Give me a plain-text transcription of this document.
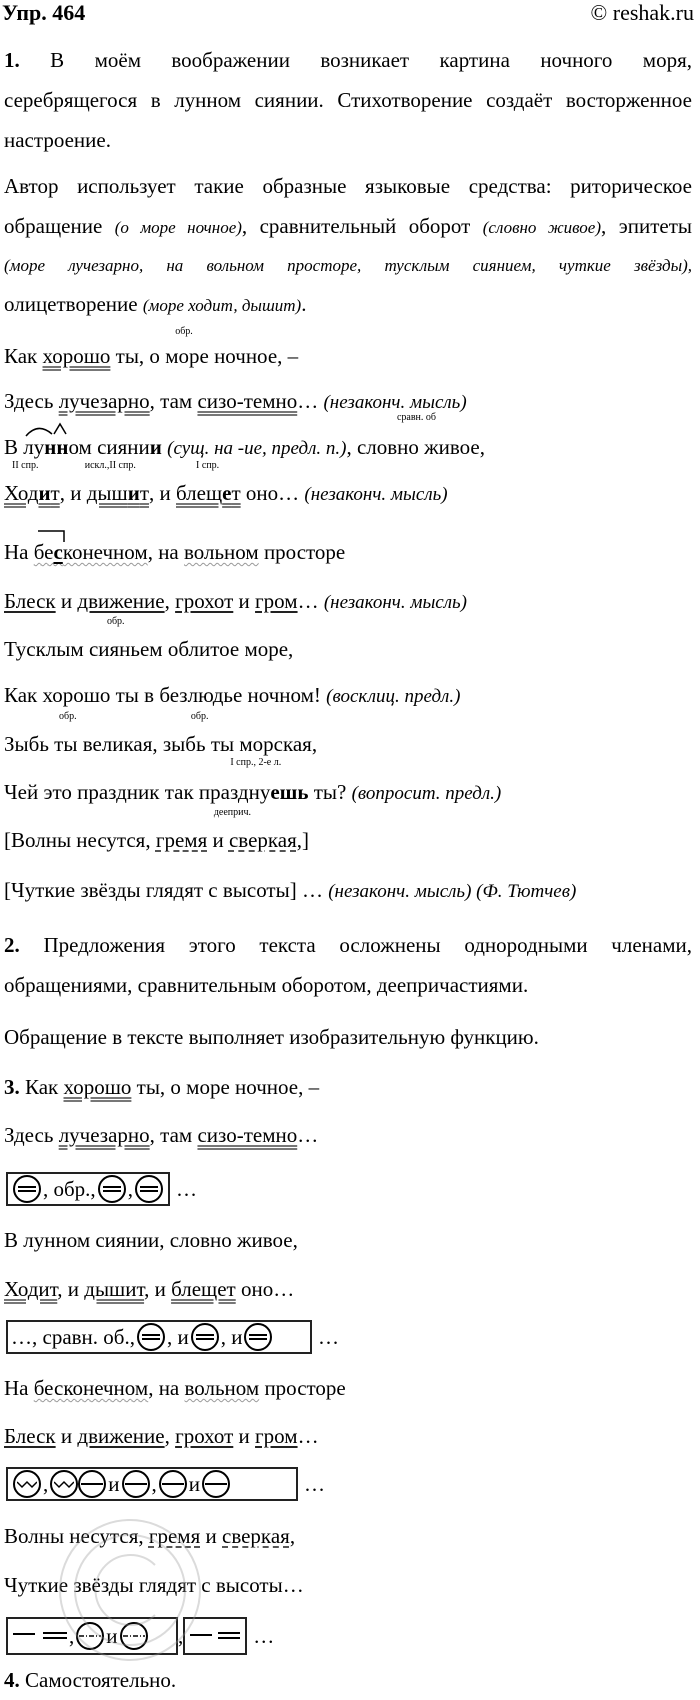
Упр. 464	© reshak.ru
1. В моём воображении возникает картина ночного моря,
серебрящегося в лунном сиянии. Стихотворение создаёт восторженное
настроение.
Автор использует такие образные языковые средства: риторическое
обращение (о море ночное), сравнительный оборот (словно живое), эпитеты
(море лучезарно, на вольном просторе, тусклым сиянием, чуткие звёзды),
олицетворение (море ходит, дышит).
Как хорошо ты, о море
обр.
ночное, –
Здесь лучезарно, там сизо-темно… (незаконч. мысль)
В лунном сиянии (сущ. на -ие, предл. п.), словно живое
сравн. об
,
Ходит
II спр.
, и дышит
искл.,II спр.
, и блещет
I спр.
оно… (незаконч. мысль)
На бесконечном, на вольном просторе
Блеск и движение, грохот и гром… (незаконч. мысль)
Тусклым сияньем
обр.
облитое море,
Как хорошо ты в безлюдье ночном! (восклиц. предл.)
Зыбь
обр.
ты великая, зыбь
обр.
ты морская,
Чей это праздник так празднуешь
I спр., 2-е л.
ты? (вопросит. предл.)
[Волны несутся, гремя
дееприч.
и сверкая,]
[Чуткие звёзды глядят с высоты] … (незаконч. мысль) (Ф. Тютчев)
2. Предложения этого текста осложнены однородными членами,
обращениями, сравнительным оборотом, деепричастиями.
Обращение в тексте выполняет изобразительную функцию.
3. Как хорошо ты, о море ночное, –
Здесь лучезарно, там сизо-темно…
, обр., , …
В лунном сиянии, словно живое,
Ходит, и дышит, и блещет оно…
…, сравн. об., , и , и	…
На бесконечном, на вольном просторе
Блеск и движение, грохот и гром…
,	и , и	…
Волны несутся, гремя и сверкая,
Чуткие звёзды глядят с высоты…
, и	,	…
4. Самостоятельно.
